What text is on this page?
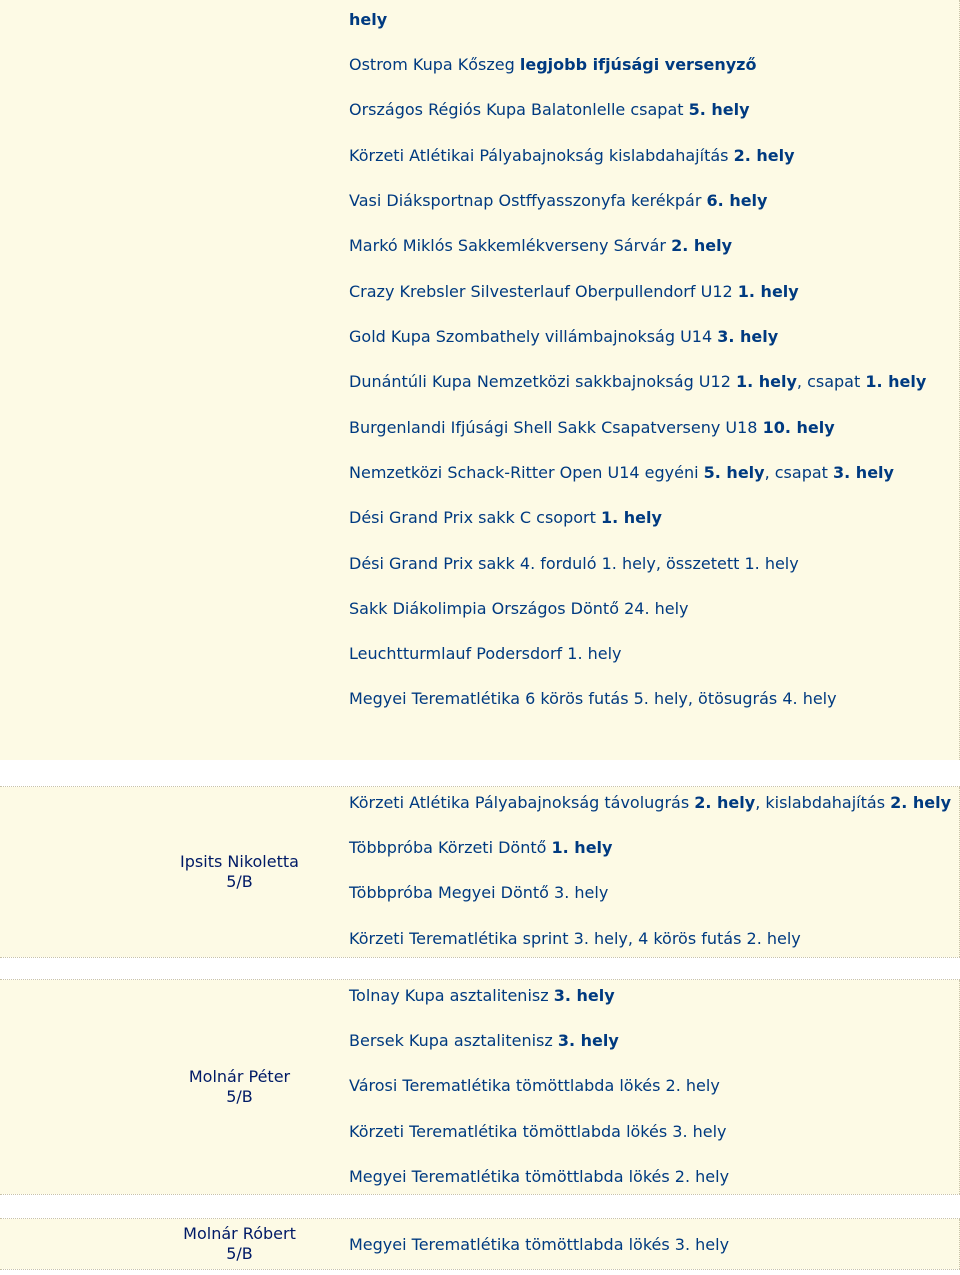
hely
Ostrom Kupa Kőszeg legjobb ifjúsági versenyző
Országos Régiós Kupa Balatonlelle csapat 5. hely
Körzeti Atlétikai Pályabajnokság kislabdahajítás 2. hely
Vasi Diáksportnap Ostffyasszonyfa kerékpár 6. hely
Markó Miklós Sakkemlékverseny Sárvár 2. hely
Crazy Krebsler Silvesterlauf Oberpullendorf U12 1. hely
Gold Kupa Szombathely villámbajnokság U14 3. hely
Dunántúli Kupa Nemzetközi sakkbajnokság U12 1. hely, csapat 1. hely
Burgenlandi Ifjúsági Shell Sakk Csapatverseny U18 10. hely
Nemzetközi Schack-Ritter Open U14 egyéni 5. hely, csapat 3. hely
Dési Grand Prix sakk C csoport 1. hely
Dési Grand Prix sakk 4. forduló 1. hely, összetett 1. hely
Sakk Diákolimpia Országos Döntő 24. hely
Leuchtturmlauf Podersdorf 1. hely
Megyei Terematlétika 6 körös futás 5. hely, ötösugrás 4. hely
Ipsits Nikoletta
5/B
Körzeti Atlétika Pályabajnokság távolugrás 2. hely, kislabdahajítás 2. hely
Többpróba Körzeti Döntő 1. hely
Többpróba Megyei Döntő 3. hely
Körzeti Terematlétika sprint 3. hely, 4 körös futás 2. hely
Molnár Péter
5/B
Tolnay Kupa asztalitenisz 3. hely
Bersek Kupa asztalitenisz 3. hely
Városi Terematlétika tömöttlabda lökés 2. hely
Körzeti Terematlétika tömöttlabda lökés 3. hely
Megyei Terematlétika tömöttlabda lökés 2. hely
Molnár Róbert
5/B	Megyei Terematlétika tömöttlabda lökés 3. hely
